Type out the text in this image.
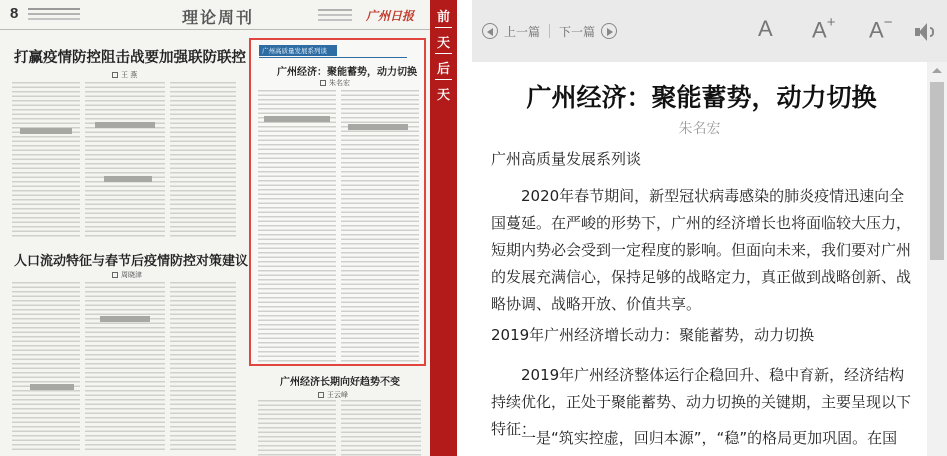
8	理论周刊	广州日报
打赢疫情防控阻击战要加强联防联控
王 燕
人口流动特征与春节后疫情防控对策建议
周晓津
广州高质量发展系列谈
广州经济：聚能蓄势，动力切换
朱名宏
广州经济长期向好趋势不变
王云峰
前
天
后
天
上一篇 下一篇	A A+ A−
广州经济：聚能蓄势，动力切换
朱名宏

广州高质量发展系列谈

2020年春节期间，新型冠状病毒感染的肺炎疫情迅速向全国蔓延。在严峻的形势下，广州的经济增长也将面临较大压力，短期内势必会受到一定程度的影响。但面向未来，我们要对广州的发展充满信心，保持足够的战略定力，真正做到战略创新、战略协调、战略开放、价值共享。

2019年广州经济增长动力：聚能蓄势，动力切换

2019年广州经济整体运行企稳回升、稳中育新，经济结构持续优化，正处于聚能蓄势、动力切换的关键期，主要呈现以下特征：

一是“筑实控虚，回归本源”，“稳”的格局更加巩固。在国
